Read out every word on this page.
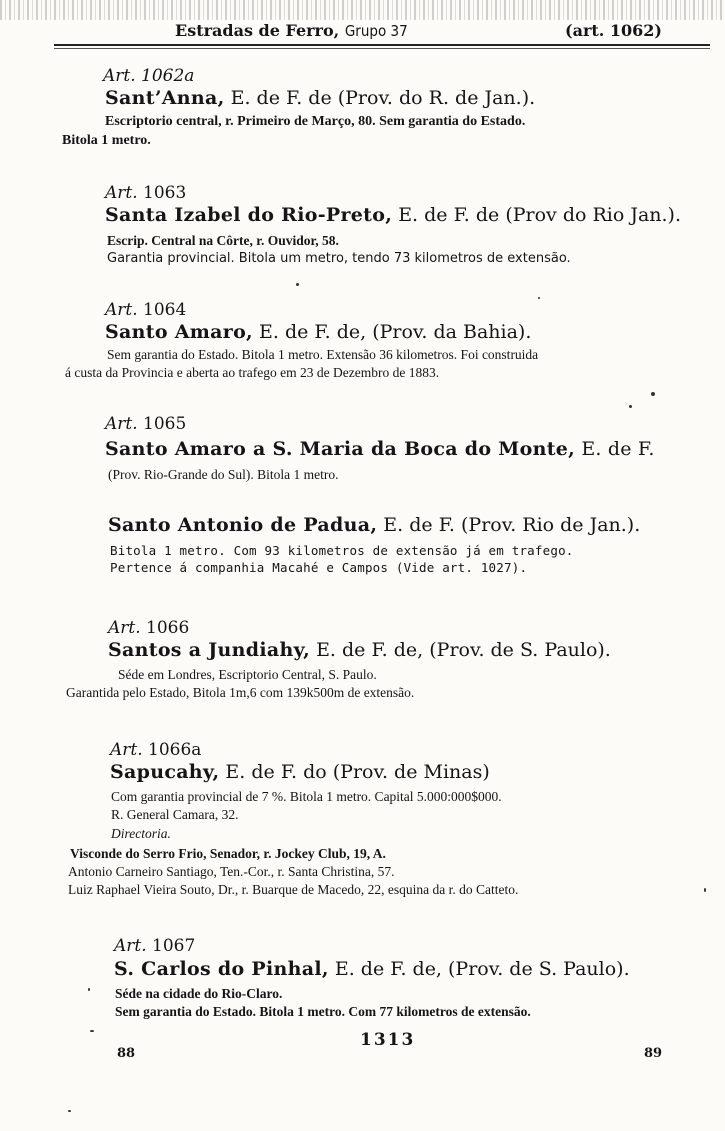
Estradas de Ferro, Grupo 37	(art. 1062)
Art. 1062a
Sant’Anna, E. de F. de (Prov. do R. de Jan.).
Escriptorio central, r. Primeiro de Março, 80. Sem garantia do Estado.
Bitola 1 metro.
Art. 1063
Santa Izabel do Rio-Preto, E. de F. de (Prov do Rio Jan.).
Escrip. Central na Côrte, r. Ouvidor, 58.
Garantia provincial. Bitola um metro, tendo 73 kilometros de extensão.
Art. 1064
Santo Amaro, E. de F. de, (Prov. da Bahia).
Sem garantia do Estado. Bitola 1 metro. Extensão 36 kilometros. Foi construida
á custa da Provincia e aberta ao trafego em 23 de Dezembro de 1883.
Art. 1065
Santo Amaro a S. Maria da Boca do Monte, E. de F.
(Prov. Rio-Grande do Sul). Bitola 1 metro.
Santo Antonio de Padua, E. de F. (Prov. Rio de Jan.).
Bitola 1 metro. Com 93 kilometros de extensão já em trafego.
Pertence á companhia Macahé e Campos (Vide art. 1027).
Art. 1066
Santos a Jundiahy, E. de F. de, (Prov. de S. Paulo).
Séde em Londres, Escriptorio Central, S. Paulo.
Garantida pelo Estado, Bitola 1m,6 com 139k500m de extensão.
Art. 1066a
Sapucahy, E. de F. do (Prov. de Minas)
Com garantia provincial de 7 %. Bitola 1 metro. Capital 5.000:000$000.
R. General Camara, 32.
Directoria.
Visconde do Serro Frio, Senador, r. Jockey Club, 19, A.
Antonio Carneiro Santiago, Ten.-Cor., r. Santa Christina, 57.
Luiz Raphael Vieira Souto, Dr., r. Buarque de Macedo, 22, esquina da r. do Catteto.
Art. 1067
S. Carlos do Pinhal, E. de F. de, (Prov. de S. Paulo).
Séde na cidade do Rio-Claro.
Sem garantia do Estado. Bitola 1 metro. Com 77 kilometros de extensão.
1313
88	89
